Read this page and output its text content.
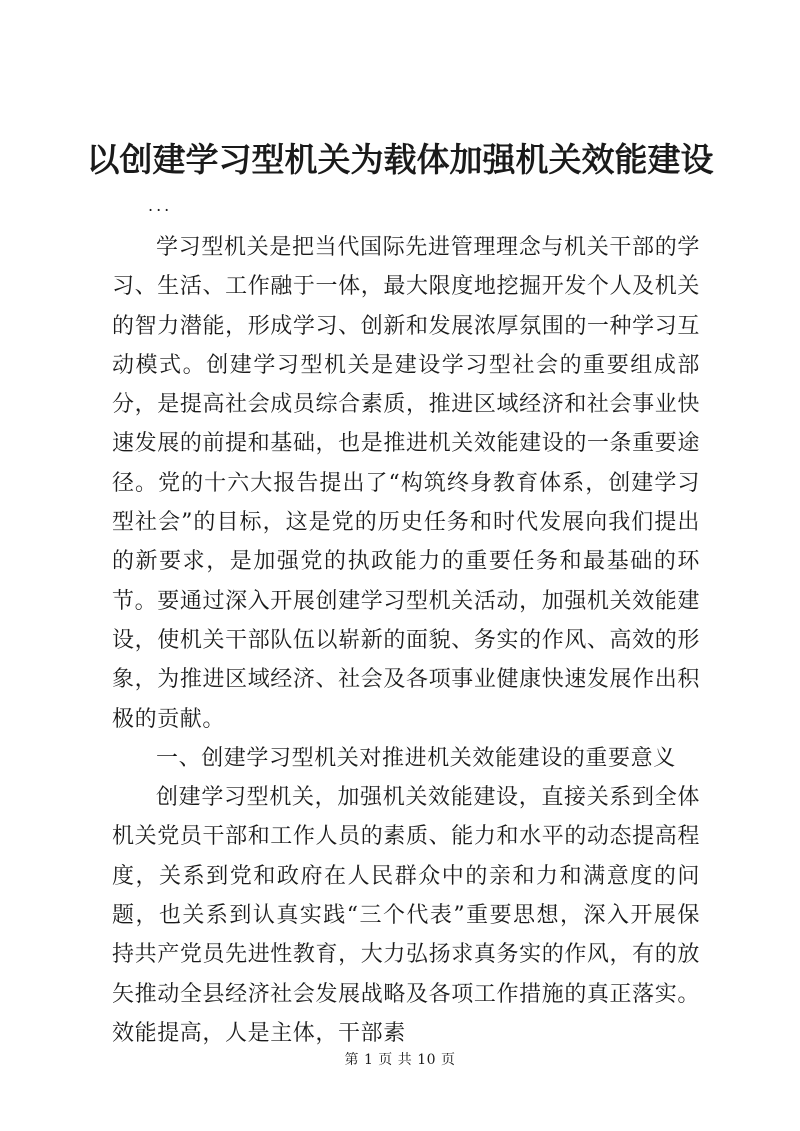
以创建学习型机关为载体加强机关效能建设
...

学习型机关是把当代国际先进管理理念与机关干部的学习、生活、工作融于一体，最大限度地挖掘开发个人及机关的智力潜能，形成学习、创新和发展浓厚氛围的一种学习互动模式。创建学习型机关是建设学习型社会的重要组成部分，是提高社会成员综合素质，推进区域经济和社会事业快速发展的前提和基础，也是推进机关效能建设的一条重要途径。党的十六大报告提出了“构筑终身教育体系，创建学习型社会”的目标，这是党的历史任务和时代发展向我们提出的新要求，是加强党的执政能力的重要任务和最基础的环节。要通过深入开展创建学习型机关活动，加强机关效能建设，使机关干部队伍以崭新的面貌、务实的作风、高效的形象，为推进区域经济、社会及各项事业健康快速发展作出积极的贡献。

一、创建学习型机关对推进机关效能建设的重要意义

创建学习型机关，加强机关效能建设，直接关系到全体机关党员干部和工作人员的素质、能力和水平的动态提高程度，关系到党和政府在人民群众中的亲和力和满意度的问题，也关系到认真实践“三个代表”重要思想，深入开展保持共产党员先进性教育，大力弘扬求真务实的作风，有的放矢推动全县经济社会发展战略及各项工作措施的真正落实。效能提高，人是主体，干部素

第 1 页 共 10 页
